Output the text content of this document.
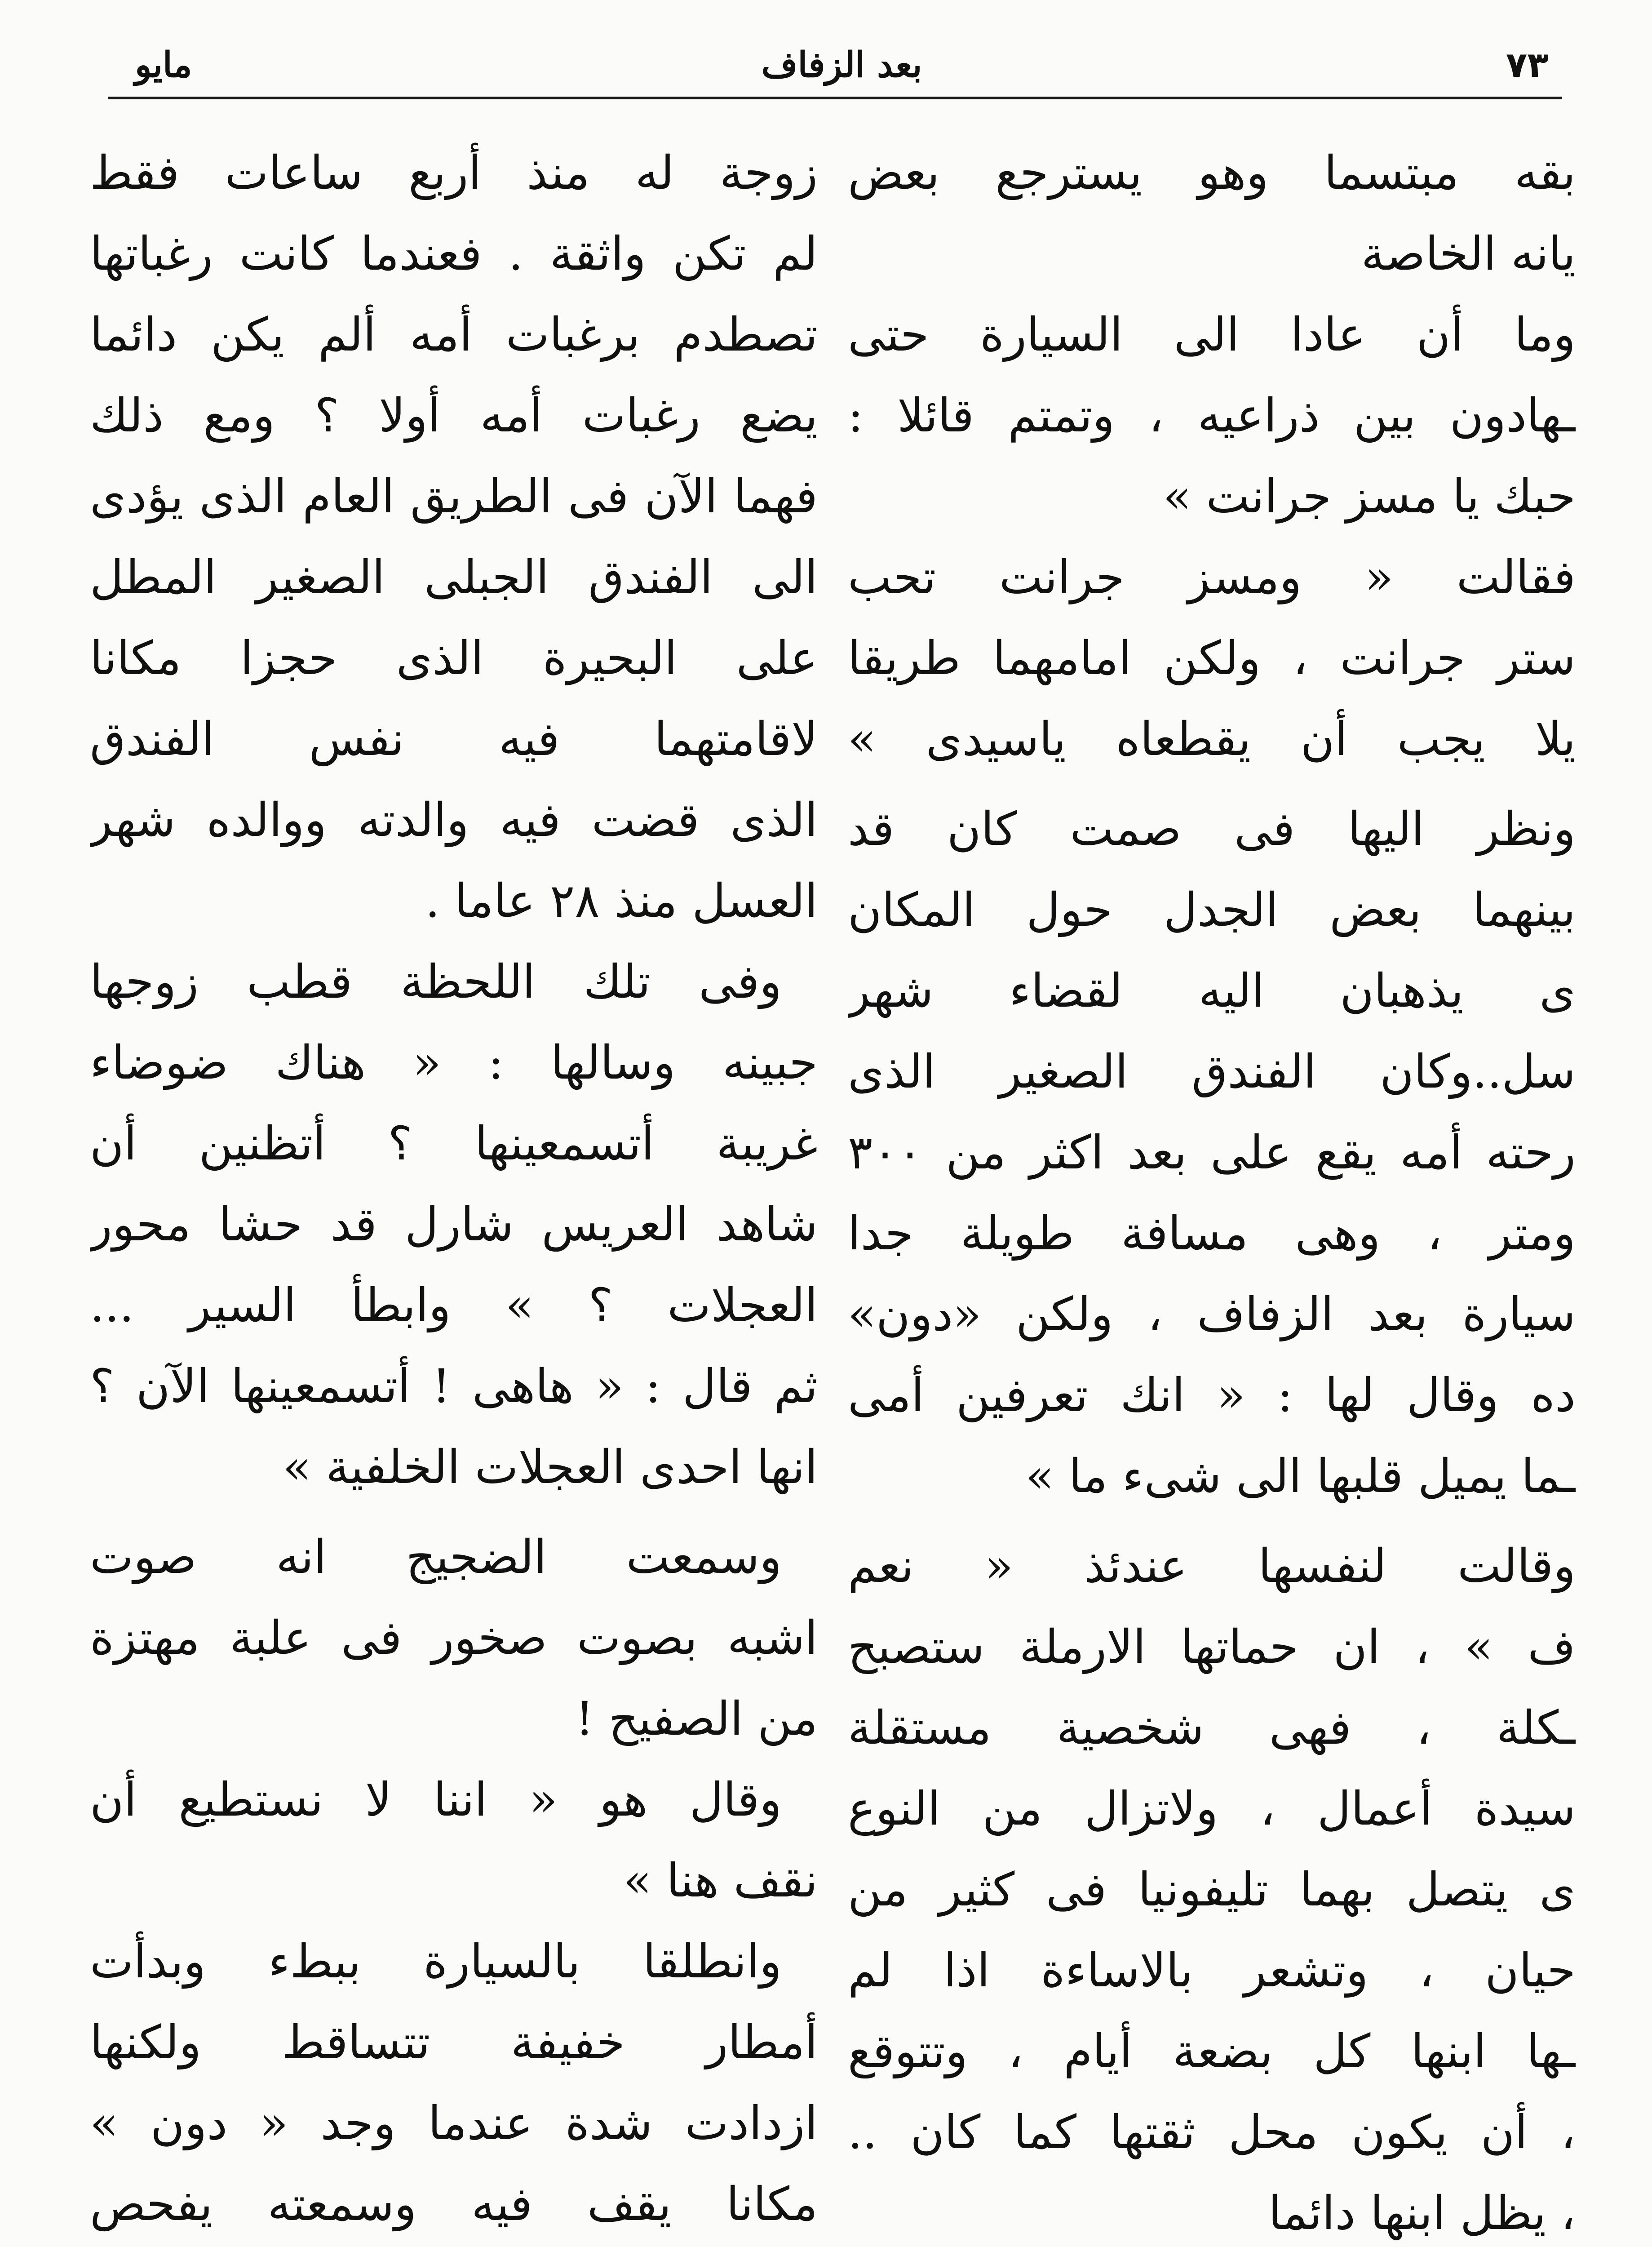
مايو	بعد الزفاف	٧٣
بقه مبتسما وهو يسترجع بعض
يانه الخاصة
وما أن عادا الى السيارة حتى
ـهادون بين ذراعيه ، وتمتم قائلا :
حبك يا مسز جرانت »
فقالت « ومسز جرانت تحب
ستر جرانت ، ولكن امامهما طريقا
يلا يجب أن يقطعاه ياسيدى »
ونظر اليها فى صمت كان قد
بينهما بعض الجدل حول المكان
ى يذهبان اليه لقضاء شهر
سل..وكان الفندق الصغير الذى
رحته أمه يقع على بعد اكثر من ٣٠٠
ومتر ، وهى مسافة طويلة جدا
سيارة بعد الزفاف ، ولكن «دون»
ده وقال لها : « انك تعرفين أمى
ـما يميل قلبها الى شىء ما »
وقالت لنفسها عندئذ « نعم
ف » ، ان حماتها الارملة ستصبح
ـكلة ، فهى شخصية مستقلة
سيدة أعمال ، ولاتزال من النوع
ى يتصل بهما تليفونيا فى كثير من
حيان ، وتشعر بالاساءة اذا لم
ـها ابنها كل بضعة أيام ، وتتوقع
، أن يكون محل ثقتها كما كان ..
، يظل ابنها دائما
زوجة له منذ أربع ساعات فقط
لم تكن واثقة . فعندما كانت رغباتها
تصطدم برغبات أمه ألم يكن دائما
يضع رغبات أمه أولا ؟ ومع ذلك
فهما الآن فى الطريق العام الذى يؤدى
الى الفندق الجبلى الصغير المطل
على البحيرة الذى حجزا مكانا
لاقامتهما فيه نفس الفندق
الذى قضت فيه والدته ووالده شهر
العسل منذ ٢٨ عاما .
وفى تلك اللحظة قطب زوجها
جبينه وسالها : « هناك ضوضاء
غريبة أتسمعينها ؟ أتظنين أن
شاهد العريس شارل قد حشا محور
العجلات ؟ » وابطأ السير ...
ثم قال : « هاهى ! أتسمعينها الآن ؟
انها احدى العجلات الخلفية »
وسمعت الضجيج انه صوت
اشبه بصوت صخور فى علبة مهتزة
من الصفيح !
وقال هو « اننا لا نستطيع أن
نقف هنا »
وانطلقا بالسيارة ببطء وبدأت
أمطار خفيفة تتساقط ولكنها
ازدادت شدة عندما وجد « دون »
مكانا يقف فيه وسمعته يفحص
